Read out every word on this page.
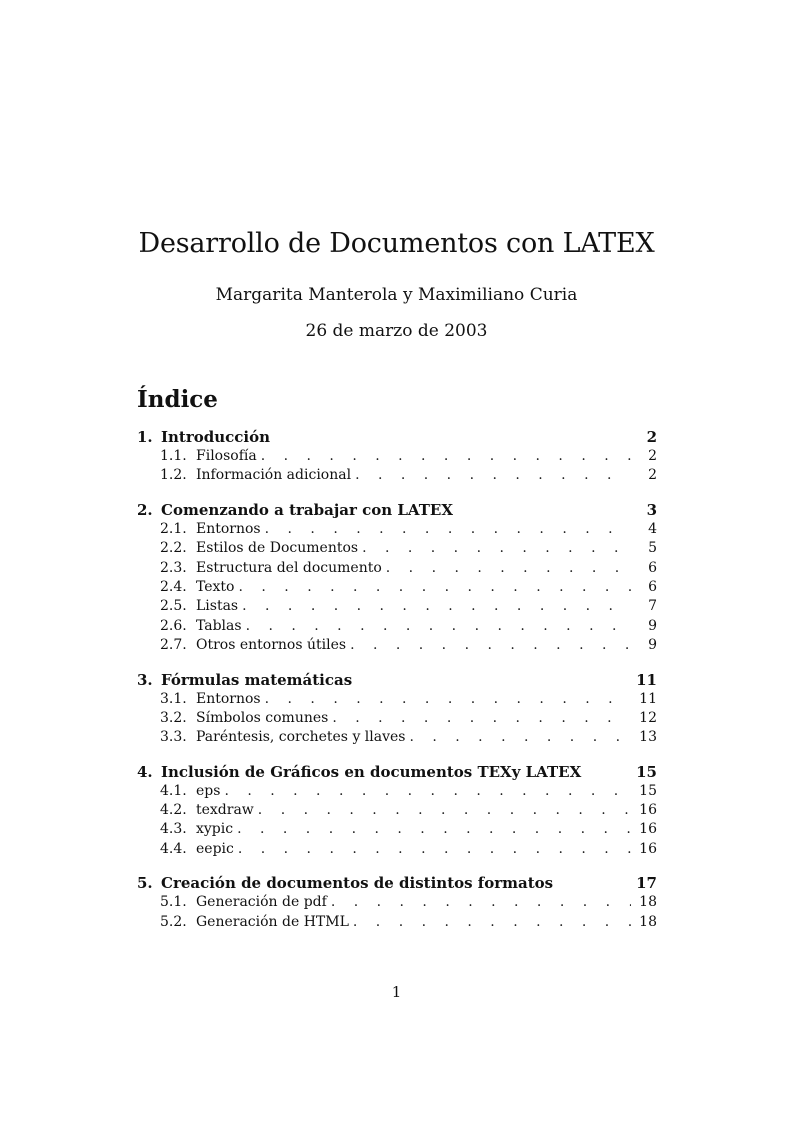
Desarrollo de Documentos con LATEX
Margarita Manterola y Maximiliano Curia
26 de marzo de 2003
Índice
1. Introducción	2
1.1. Filosofía . . .	2
1.2. Información adicional . . .	2
2. Comenzando a trabajar con LATEX	3
2.1. Entornos . . .	4
2.2. Estilos de Documentos . . .	5
2.3. Estructura del documento . . .	6
2.4. Texto . . .	6
2.5. Listas . . .	7
2.6. Tablas . . .	9
2.7. Otros entornos útiles . . .	9
3. Fórmulas matemáticas	11
3.1. Entornos . . .	11
3.2. Símbolos comunes . . .	12
3.3. Paréntesis, corchetes y llaves . . .	13
4. Inclusión de Gráficos en documentos TEXy LATEX	15
4.1. eps . . .	15
4.2. texdraw . . .	16
4.3. xypic . . .	16
4.4. eepic . . .	16
5. Creación de documentos de distintos formatos	17
5.1. Generación de pdf . . .	18
5.2. Generación de HTML . . .	18
1
